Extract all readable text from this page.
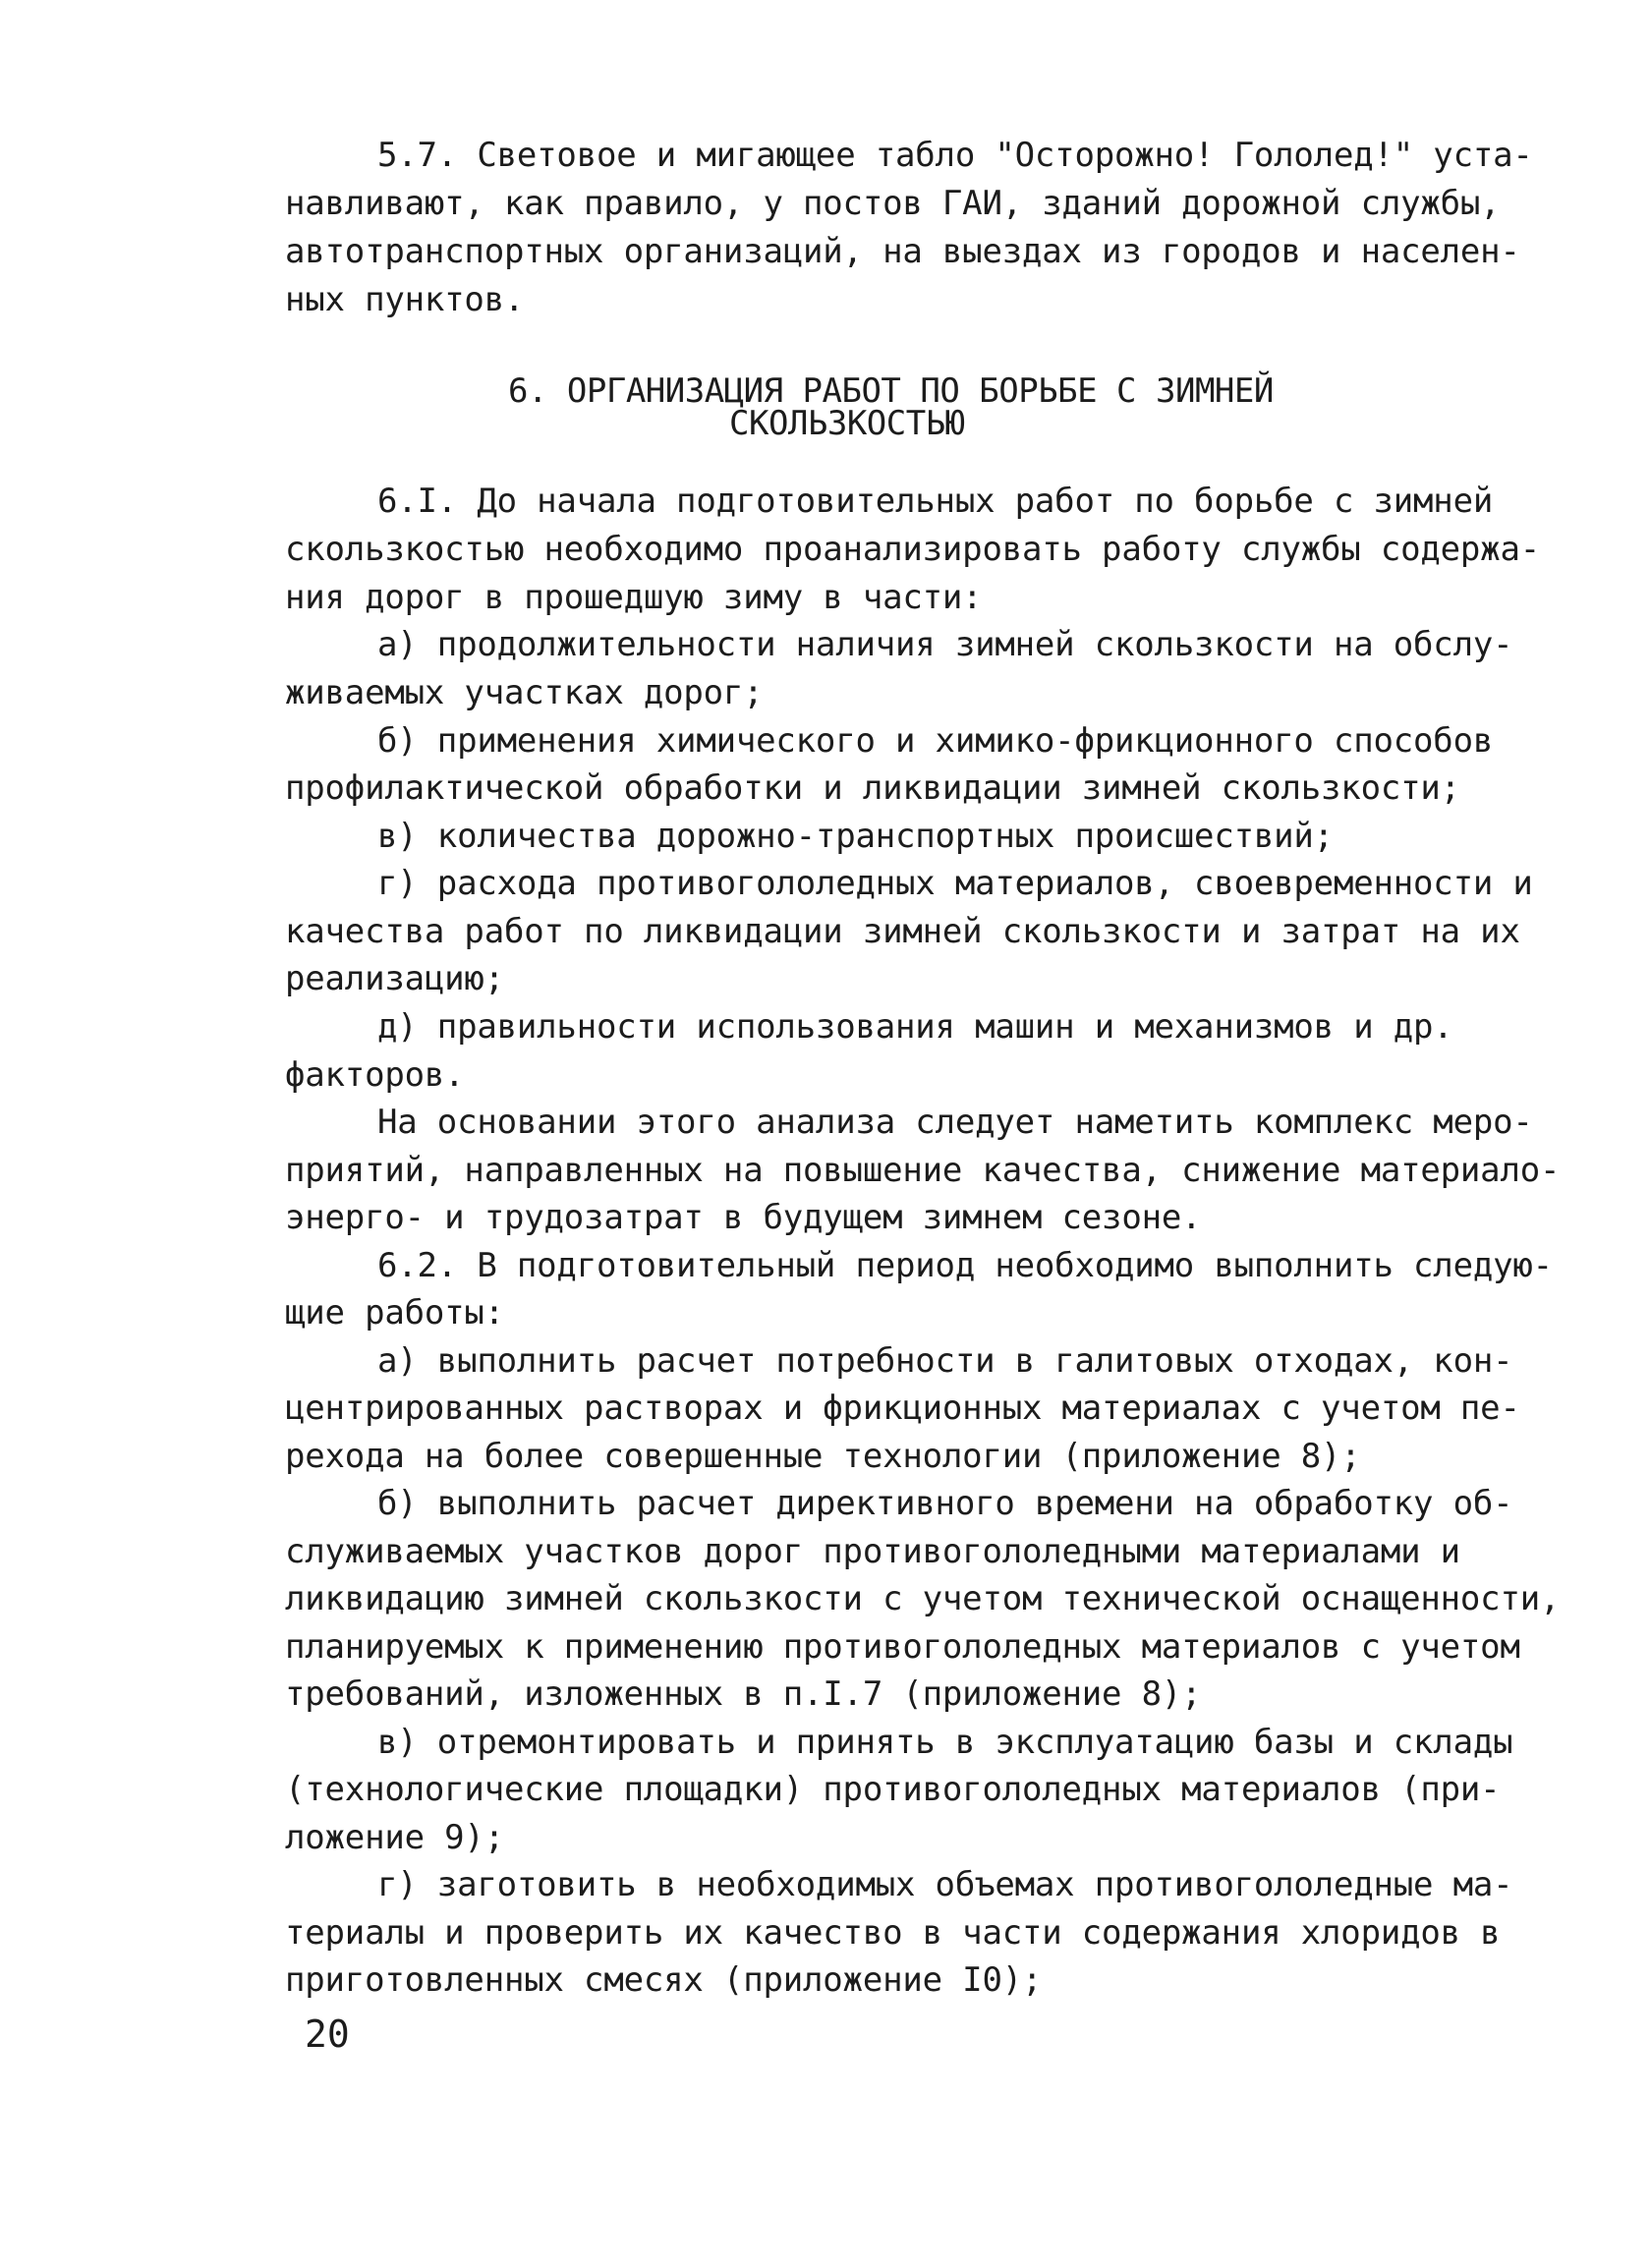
5.7. Световое и мигающее табло "Осторожно! Гололед!" уста-
навливают, как правило, у постов ГАИ, зданий дорожной службы,
автотранспортных организаций, на выездах из городов и населен-
ных пунктов.
6. ОРГАНИЗАЦИЯ РАБОТ ПО БОРЬБЕ С ЗИМНЕЙ
СКОЛЬЗКОСТЬЮ
6.I. До начала подготовительных работ по борьбе с зимней
скользкостью необходимо проанализировать работу службы содержа-
ния дорог в прошедшую зиму в части:
а) продолжительности наличия зимней скользкости на обслу-
живаемых участках дорог;
б) применения химического и химико-фрикционного способов
профилактической обработки и ликвидации зимней скользкости;
в) количества дорожно-транспортных происшествий;
г) расхода противогололедных материалов, своевременности и
качества работ по ликвидации зимней скользкости и затрат на их
реализацию;
д) правильности использования машин и механизмов и др.
факторов.
На основании этого анализа следует наметить комплекс меро-
приятий, направленных на повышение качества, снижение материало-
энерго- и трудозатрат в будущем зимнем сезоне.
6.2. В подготовительный период необходимо выполнить следую-
щие работы:
а) выполнить расчет потребности в галитовых отходах, кон-
центрированных растворах и фрикционных материалах с учетом пе-
рехода на более совершенные технологии (приложение 8);
б) выполнить расчет директивного времени на обработку об-
служиваемых участков дорог противогололедными материалами и
ликвидацию зимней скользкости с учетом технической оснащенности,
планируемых к применению противогололедных материалов с учетом
требований, изложенных в п.I.7 (приложение 8);
в) отремонтировать и принять в эксплуатацию базы и склады
(технологические площадки) противогололедных материалов (при-
ложение 9);
г) заготовить в необходимых объемах противогололедные ма-
териалы и проверить их качество в части содержания хлоридов в
приготовленных смесях (приложение I0);
20
